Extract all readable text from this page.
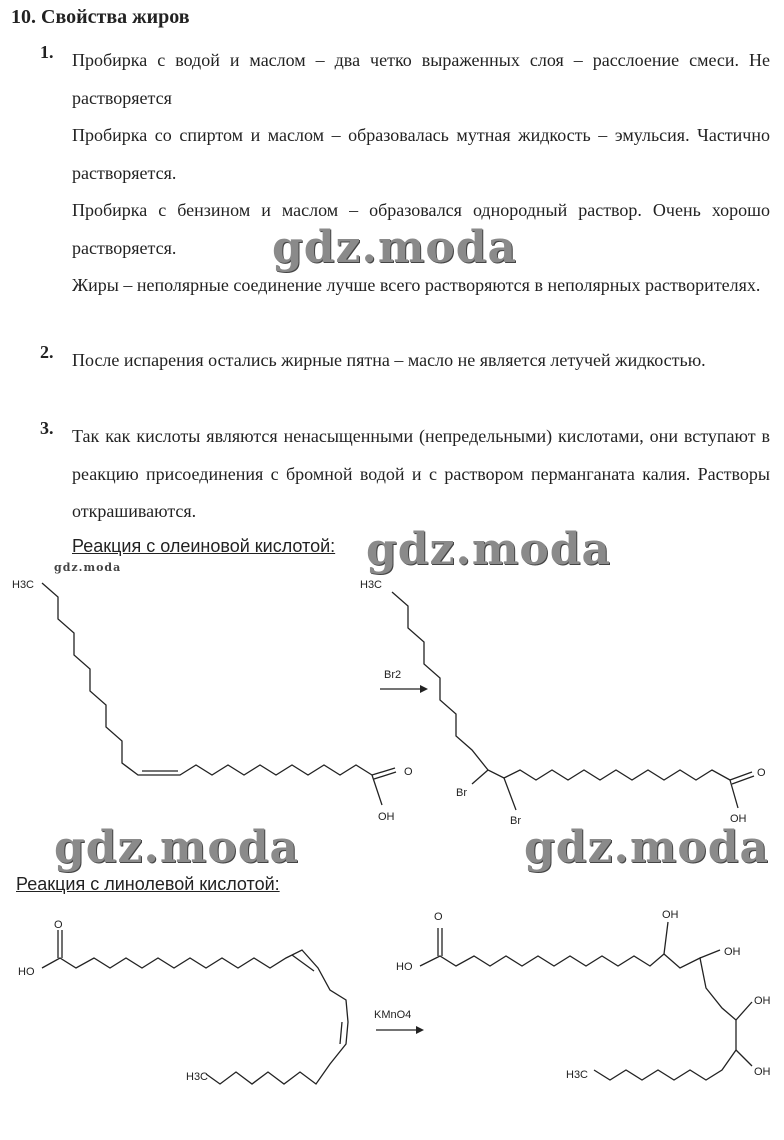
10. Свойства жиров
1. Пробирка с водой и маслом – два четко выраженных слоя – расслоение смеси. Не растворяется
Пробирка со спиртом и маслом – образовалась мутная жидкость – эмульсия. Частично растворяется.
Пробирка с бензином и маслом – образовался однородный раствор. Очень хорошо растворяется.
Жиры – неполярные соединение лучше всего растворяются в неполярных растворителях.
2. После испарения остались жирные пятна – масло не является летучей жидкостью.
3. Так как кислоты являются ненасыщенными (непредельными) кислотами, они вступают в реакцию присоединения с бромной водой и с раствором перманганата калия. Растворы открашиваются.
Реакция с олеиновой кислотой:
Реакция с линолевой кислотой:
gdz.moda
gdz.moda
gdz.moda	gdz.moda
gdz.moda
H3C
O
OH
Br2
H3C
Br
Br
O
OH
O
HO
H3C
KMnO4
O
HO
OH
OH
OH
OH
H3C
